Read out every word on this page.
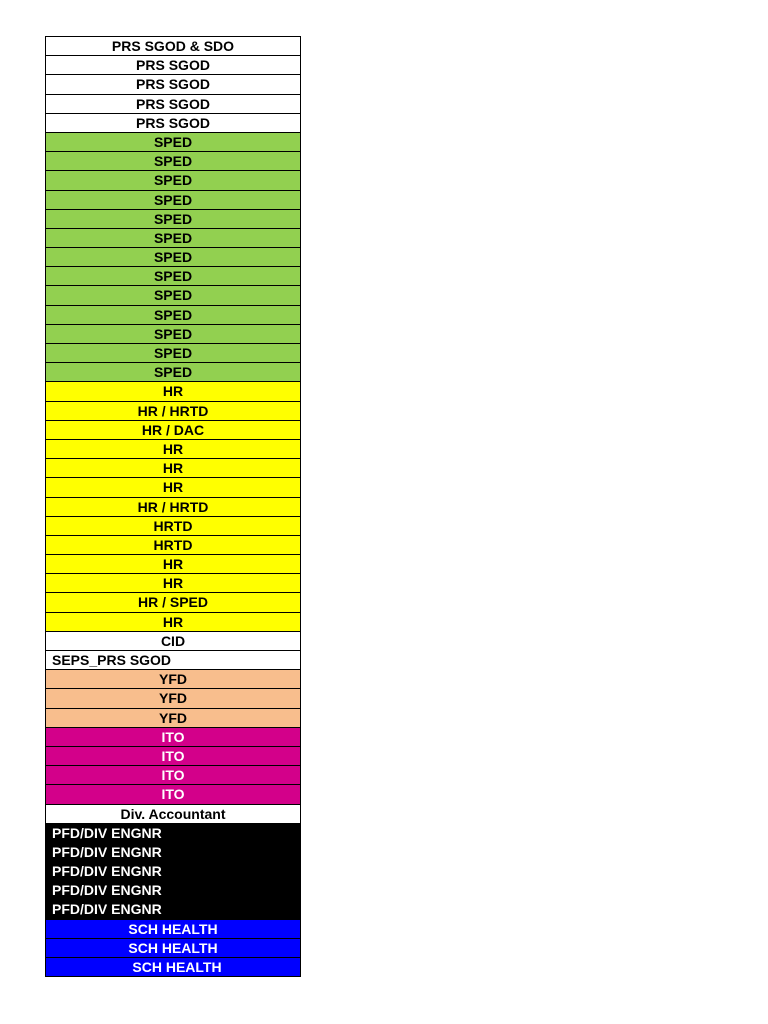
PRS SGOD & SDO
PRS SGOD
PRS SGOD
PRS SGOD
PRS SGOD
SPED
SPED
SPED
SPED
SPED
SPED
SPED
SPED
SPED
SPED
SPED
SPED
SPED
HR
HR / HRTD
HR / DAC
HR
HR
HR
HR / HRTD
HRTD
HRTD
HR
HR
HR / SPED
HR
CID
SEPS_PRS SGOD
YFD
YFD
YFD
ITO
ITO
ITO
ITO
Div. Accountant
PFD/DIV ENGNR
PFD/DIV ENGNR
PFD/DIV ENGNR
PFD/DIV ENGNR
PFD/DIV ENGNR
SCH HEALTH
SCH HEALTH
SCH HEALTH
